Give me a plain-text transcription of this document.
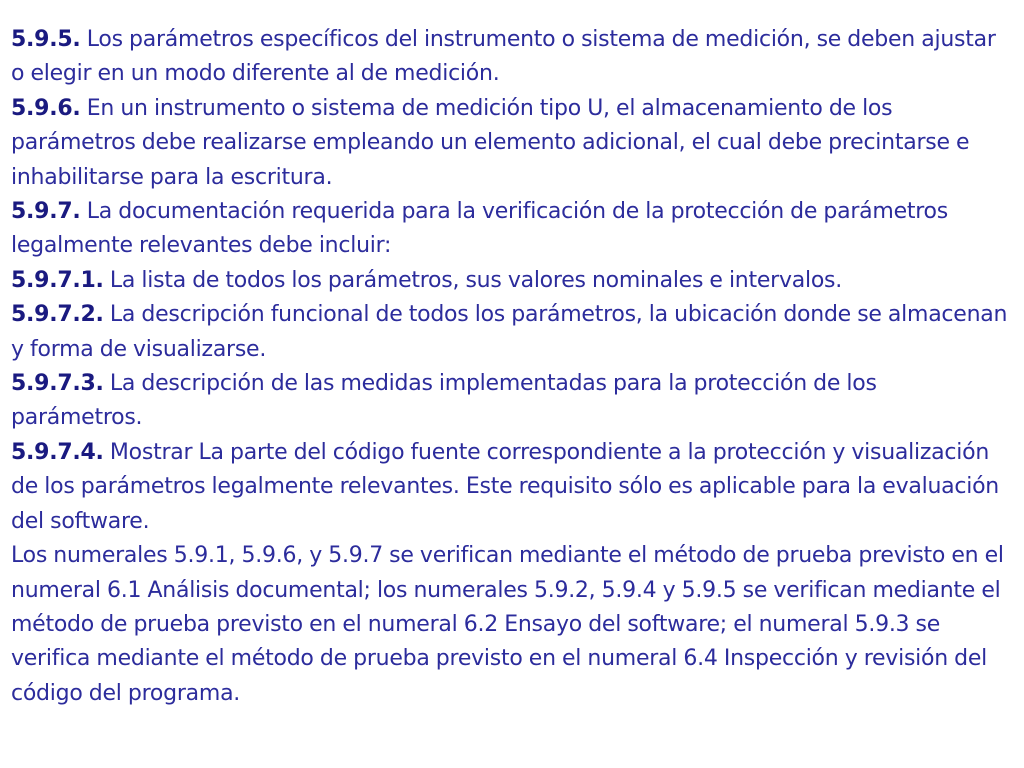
5.9.5. Los parámetros específicos del instrumento o sistema de medición, se deben ajustar o elegir en un modo diferente al de medición.

5.9.6. En un instrumento o sistema de medición tipo U, el almacenamiento de los parámetros debe realizarse empleando un elemento adicional, el cual debe precintarse e inhabilitarse para la escritura.

5.9.7. La documentación requerida para la verificación de la protección de parámetros legalmente relevantes debe incluir:

5.9.7.1. La lista de todos los parámetros, sus valores nominales e intervalos.

5.9.7.2. La descripción funcional de todos los parámetros, la ubicación donde se almacenan y forma de visualizarse.

5.9.7.3. La descripción de las medidas implementadas para la protección de los parámetros.

5.9.7.4. Mostrar La parte del código fuente correspondiente a la protección y visualización de los parámetros legalmente relevantes. Este requisito sólo es aplicable para la evaluación del software.

Los numerales 5.9.1, 5.9.6, y 5.9.7 se verifican mediante el método de prueba previsto en el numeral 6.1 Análisis documental; los numerales 5.9.2, 5.9.4 y 5.9.5 se verifican mediante el método de prueba previsto en el numeral 6.2 Ensayo del software; el numeral 5.9.3 se verifica mediante el método de prueba previsto en el numeral 6.4 Inspección y revisión del código del programa.
